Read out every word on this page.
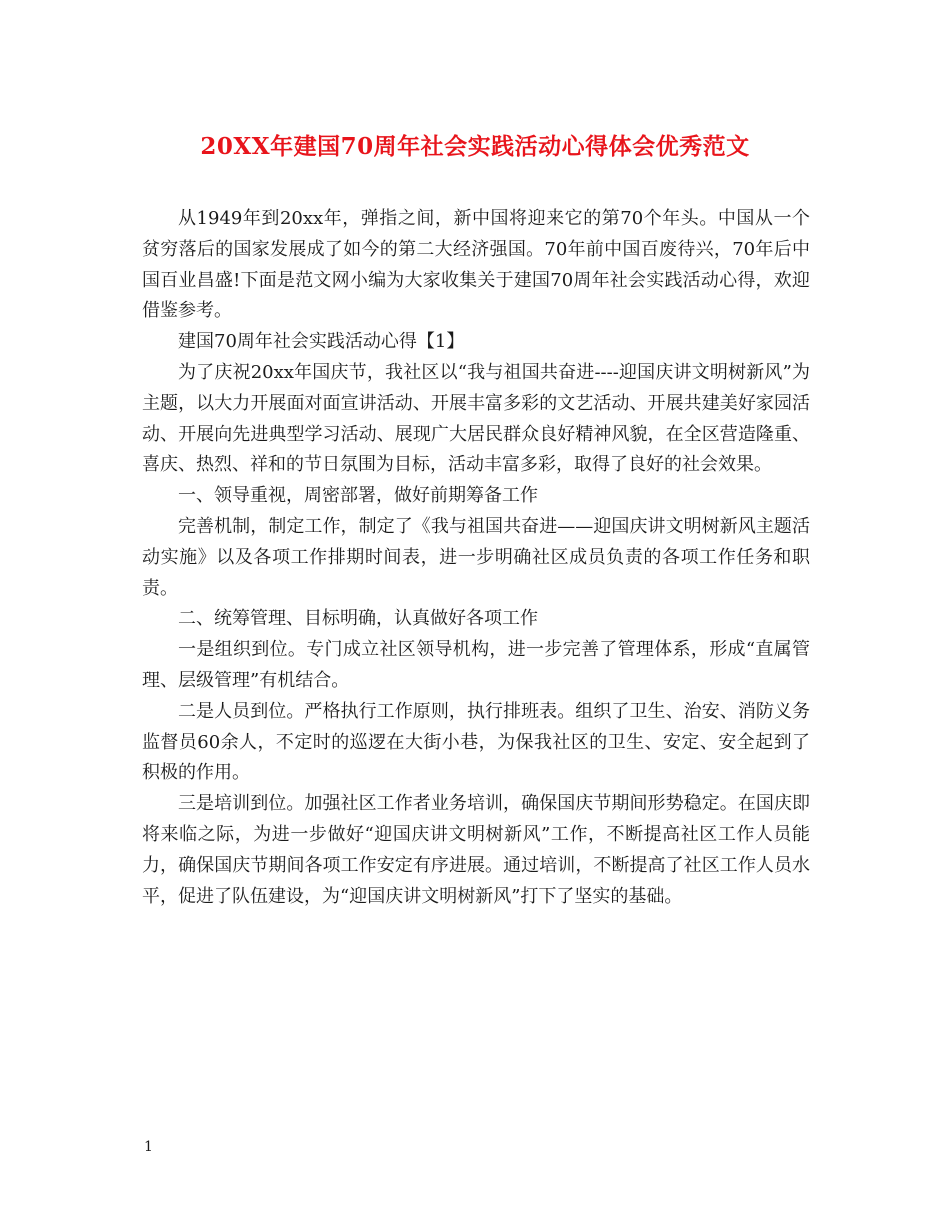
20XX年建国70周年社会实践活动心得体会优秀范文

从1949年到20xx年，弹指之间，新中国将迎来它的第70个年头。中国从一个贫穷落后的国家发展成了如今的第二大经济强国。70年前中国百废待兴，70年后中国百业昌盛!下面是范文网小编为大家收集关于建国70周年社会实践活动心得，欢迎借鉴参考。

建国70周年社会实践活动心得【1】

为了庆祝20xx年国庆节，我社区以“我与祖国共奋进----迎国庆讲文明树新风”为主题，以大力开展面对面宣讲活动、开展丰富多彩的文艺活动、开展共建美好家园活动、开展向先进典型学习活动、展现广大居民群众良好精神风貌，在全区营造隆重、喜庆、热烈、祥和的节日氛围为目标，活动丰富多彩，取得了良好的社会效果。

一、领导重视，周密部署，做好前期筹备工作

完善机制，制定工作，制定了《我与祖国共奋进——迎国庆讲文明树新风主题活动实施》以及各项工作排期时间表，进一步明确社区成员负责的各项工作任务和职责。

二、统筹管理、目标明确，认真做好各项工作

一是组织到位。专门成立社区领导机构，进一步完善了管理体系，形成“直属管理、层级管理”有机结合。

二是人员到位。严格执行工作原则，执行排班表。组织了卫生、治安、消防义务监督员60余人，不定时的巡逻在大街小巷，为保我社区的卫生、安定、安全起到了积极的作用。

三是培训到位。加强社区工作者业务培训，确保国庆节期间形势稳定。在国庆即将来临之际，为进一步做好“迎国庆讲文明树新风”工作，不断提高社区工作人员能力，确保国庆节期间各项工作安定有序进展。通过培训，不断提高了社区工作人员水平，促进了队伍建设，为“迎国庆讲文明树新风”打下了坚实的基础。

1
